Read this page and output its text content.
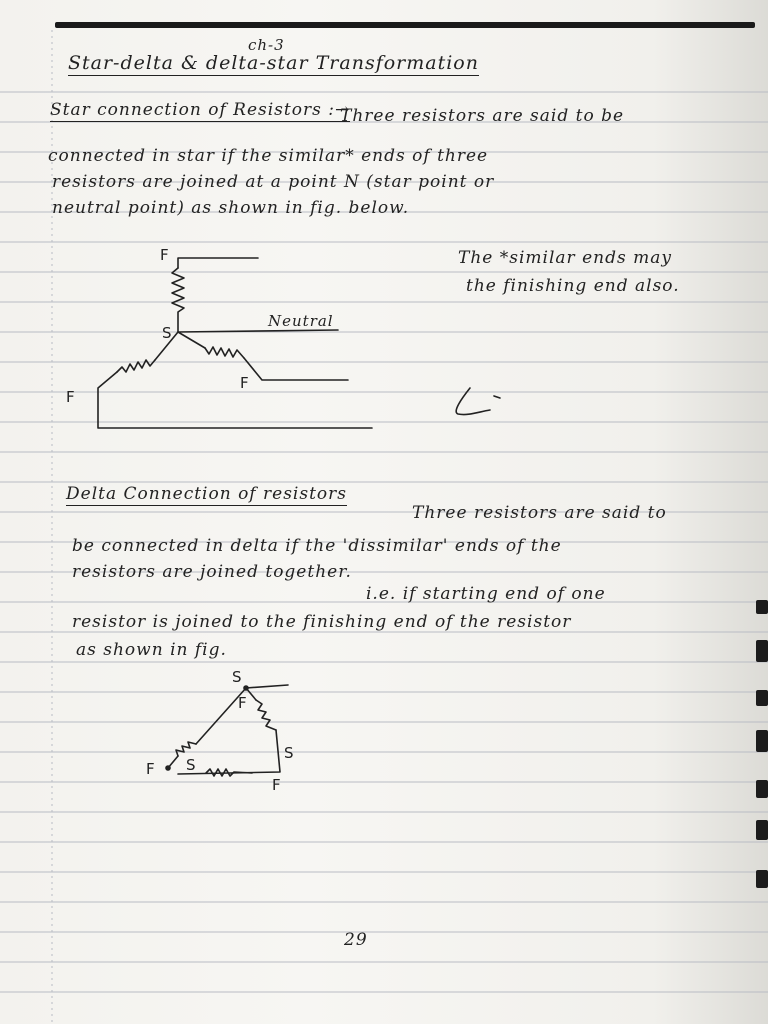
ch-3
Star-delta & delta-star Transformation
Star connection of Resistors :→
Three resistors are said to be
connected in star if the similar* ends of three
resistors are joined at a point N (star point or
neutral point) as shown in fig. below.
The *similar ends may
the finishing end also.
F
S
Neutral
F
F
Delta Connection of resistors
Three resistors are said to
be connected in delta if the 'dissimilar' ends of the
resistors are joined together.
i.e. if starting end of one
resistor is joined to the finishing end of the resistor
as shown in fig.
S
F
S
F S
F
29
